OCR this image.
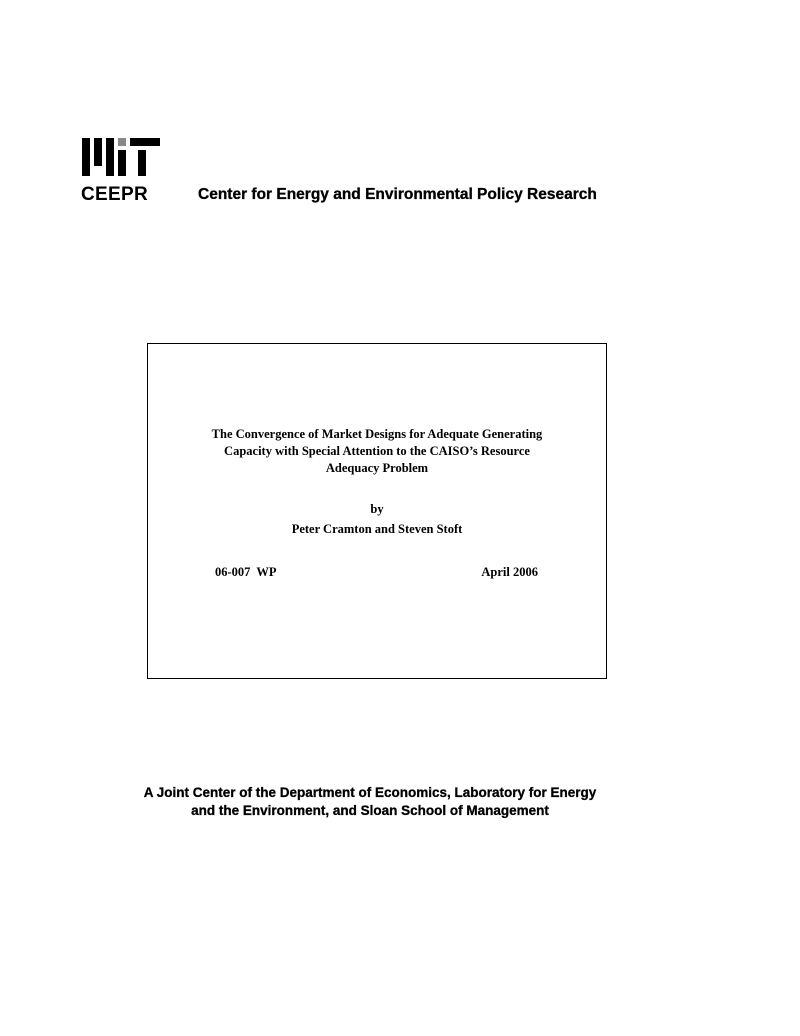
CEEPR	Center for Energy and Environmental Policy Research
The Convergence of Market Designs for Adequate Generating
Capacity with Special Attention to the CAISO’s Resource
Adequacy Problem
by
Peter Cramton and Steven Stoft
06-007  WP	April 2006
A Joint Center of the Department of Economics, Laboratory for Energy
and the Environment, and Sloan School of Management
